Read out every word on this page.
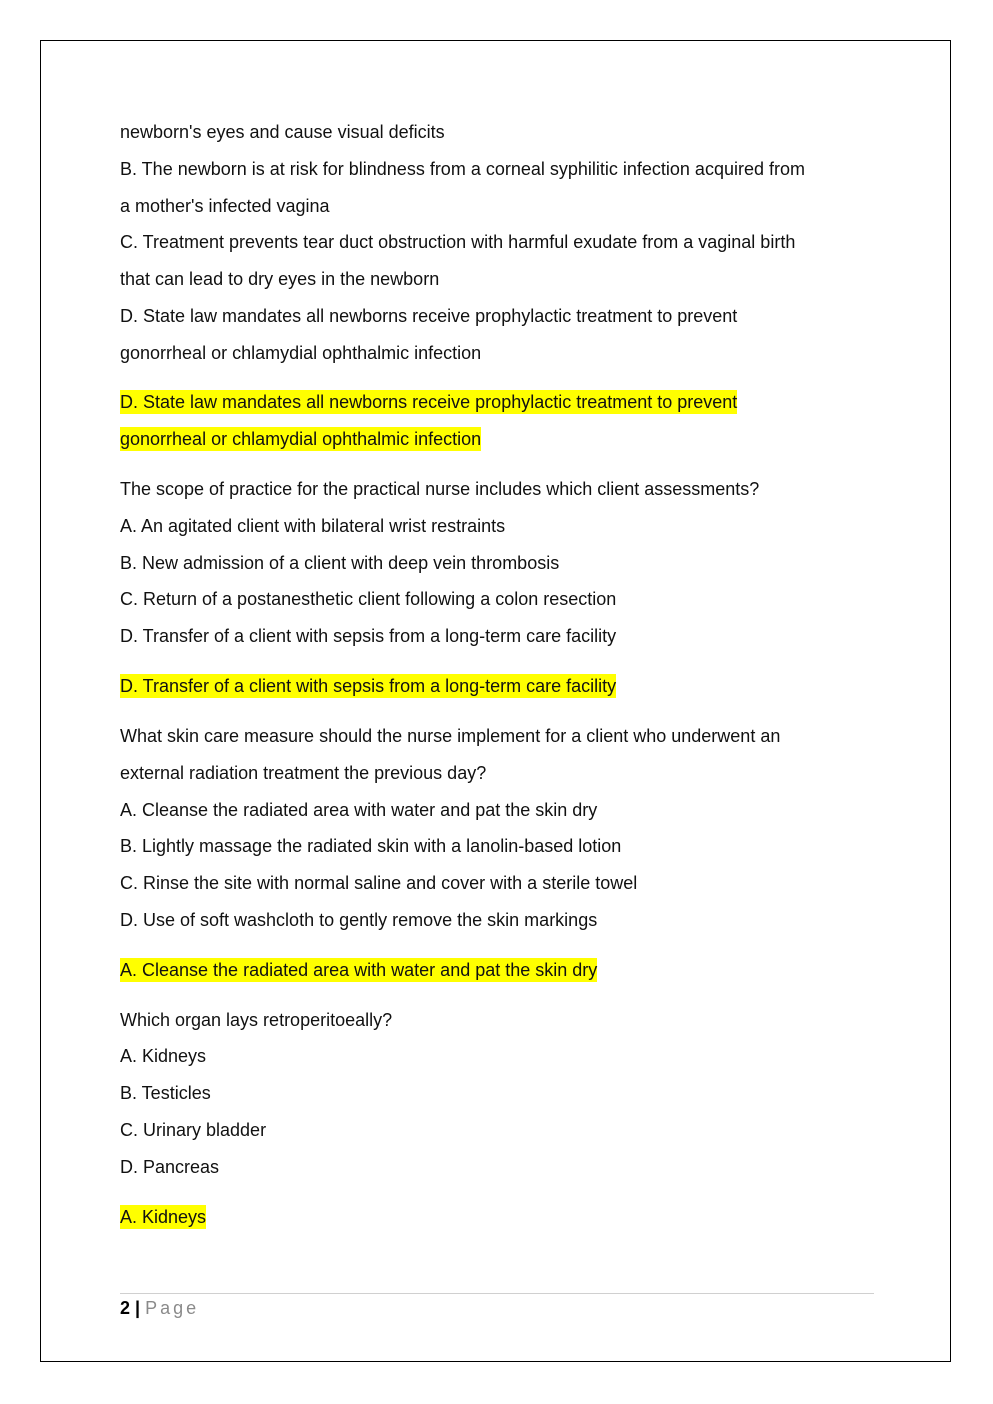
newborn's eyes and cause visual deficits
B. The newborn is at risk for blindness from a corneal syphilitic infection acquired from
a mother's infected vagina
C. Treatment prevents tear duct obstruction with harmful exudate from a vaginal birth
that can lead to dry eyes in the newborn
D. State law mandates all newborns receive prophylactic treatment to prevent
gonorrheal or chlamydial ophthalmic infection
D. State law mandates all newborns receive prophylactic treatment to prevent
gonorrheal or chlamydial ophthalmic infection
The scope of practice for the practical nurse includes which client assessments?
A. An agitated client with bilateral wrist restraints
B. New admission of a client with deep vein thrombosis
C. Return of a postanesthetic client following a colon resection
D. Transfer of a client with sepsis from a long-term care facility
D. Transfer of a client with sepsis from a long-term care facility
What skin care measure should the nurse implement for a client who underwent an
external radiation treatment the previous day?
A. Cleanse the radiated area with water and pat the skin dry
B. Lightly massage the radiated skin with a lanolin-based lotion
C. Rinse the site with normal saline and cover with a sterile towel
D. Use of soft washcloth to gently remove the skin markings
A. Cleanse the radiated area with water and pat the skin dry
Which organ lays retroperitoeally?
A. Kidneys
B. Testicles
C. Urinary bladder
D. Pancreas
A. Kidneys
2 | Page
